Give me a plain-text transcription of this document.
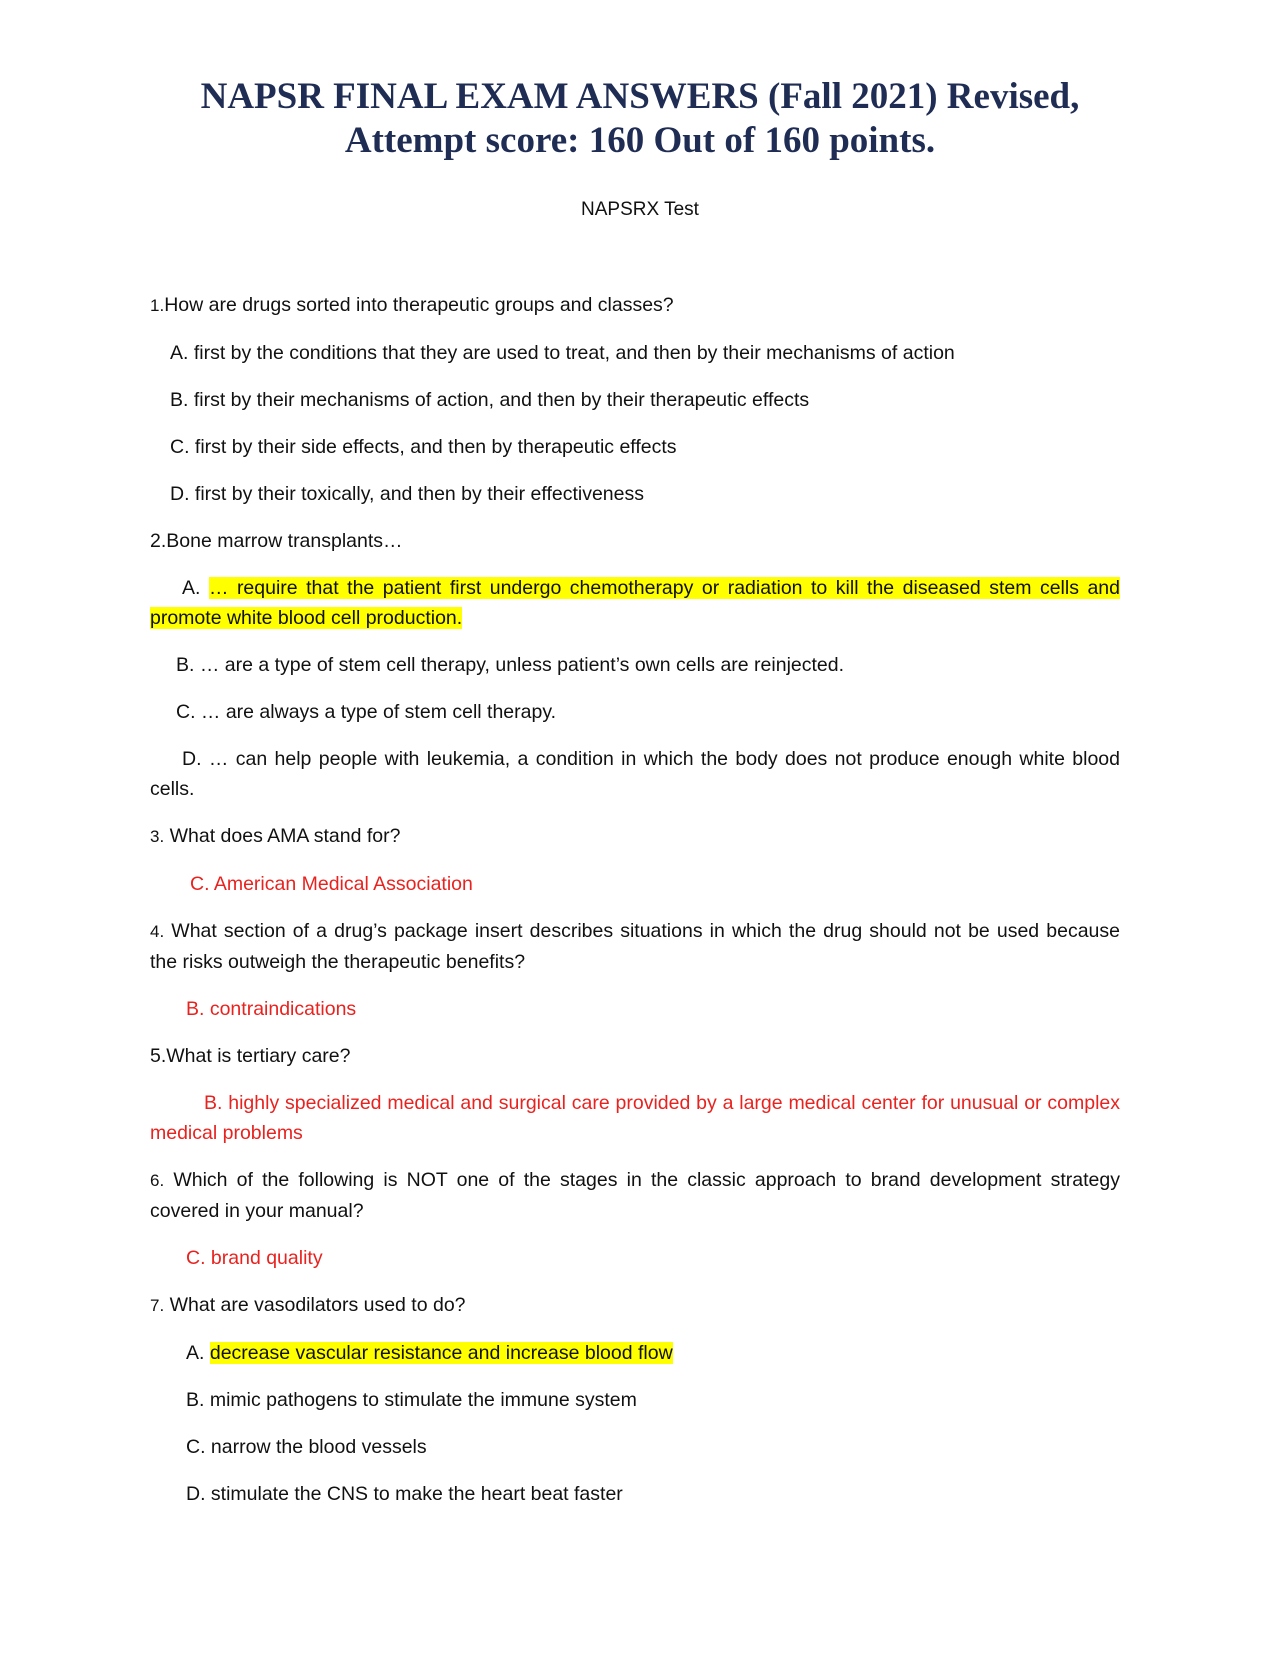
NAPSR FINAL EXAM ANSWERS (Fall 2021) Revised,
Attempt score: 160 Out of 160 points.
NAPSRX Test

1.How are drugs sorted into therapeutic groups and classes?

A. first by the conditions that they are used to treat, and then by their mechanisms of action

B. first by their mechanisms of action, and then by their therapeutic effects

C. first by their side effects, and then by therapeutic effects

D. first by their toxically, and then by their effectiveness

2.Bone marrow transplants…

A. … require that the patient first undergo chemotherapy or radiation to kill the diseased stem cells and promote white blood cell production.

B. … are a type of stem cell therapy, unless patient’s own cells are reinjected.

C. … are always a type of stem cell therapy.

D. … can help people with leukemia, a condition in which the body does not produce enough white blood cells.

3. What does AMA stand for?

C. American Medical Association

4. What section of a drug’s package insert describes situations in which the drug should not be used because the risks outweigh the therapeutic benefits?

B. contraindications

5.What is tertiary care?

B. highly specialized medical and surgical care provided by a large medical center for unusual or complex medical problems

6. Which of the following is NOT one of the stages in the classic approach to brand development strategy covered in your manual?

C. brand quality

7. What are vasodilators used to do?

A. decrease vascular resistance and increase blood flow

B. mimic pathogens to stimulate the immune system

C. narrow the blood vessels

D. stimulate the CNS to make the heart beat faster
